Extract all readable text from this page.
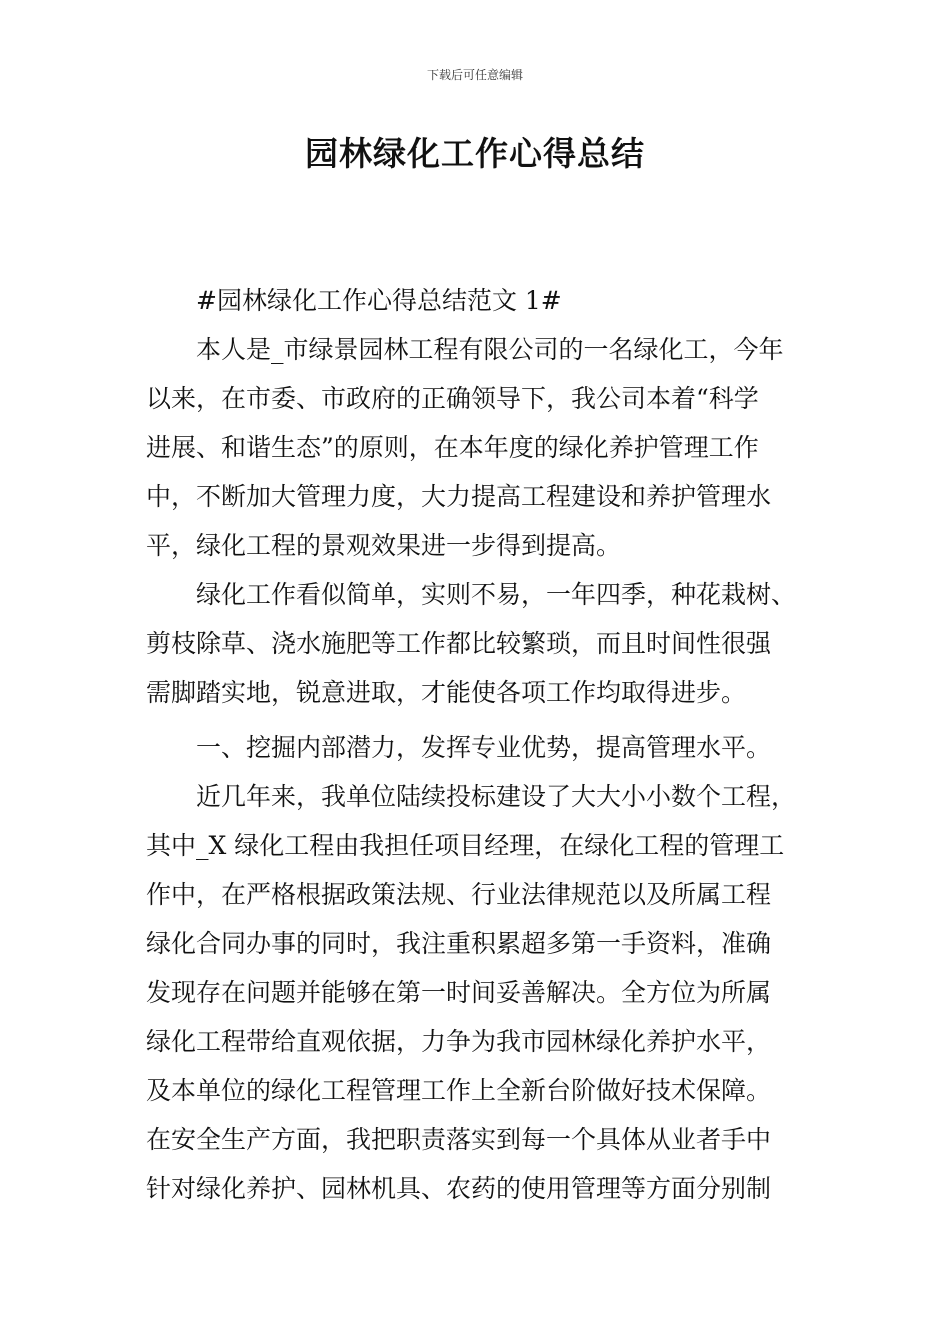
下载后可任意编辑
园林绿化工作心得总结
#园林绿化工作心得总结范文 1#
本人是_市绿景园林工程有限公司的一名绿化工，今年
以来，在市委、市政府的正确领导下，我公司本着“科学
进展、和谐生态”的原则，在本年度的绿化养护管理工作
中，不断加大管理力度，大力提高工程建设和养护管理水
平，绿化工程的景观效果进一步得到提高。
绿化工作看似简单，实则不易，一年四季，种花栽树、
剪枝除草、浇水施肥等工作都比较繁琐，而且时间性很强
需脚踏实地，锐意进取，才能使各项工作均取得进步。
一、挖掘内部潜力，发挥专业优势，提高管理水平。
近几年来，我单位陆续投标建设了大大小小数个工程，
其中_X 绿化工程由我担任项目经理，在绿化工程的管理工
作中，在严格根据政策法规、行业法律规范以及所属工程
绿化合同办事的同时，我注重积累超多第一手资料，准确
发现存在问题并能够在第一时间妥善解决。全方位为所属
绿化工程带给直观依据，力争为我市园林绿化养护水平，
及本单位的绿化工程管理工作上全新台阶做好技术保障。
在安全生产方面，我把职责落实到每一个具体从业者手中
针对绿化养护、园林机具、农药的使用管理等方面分别制
